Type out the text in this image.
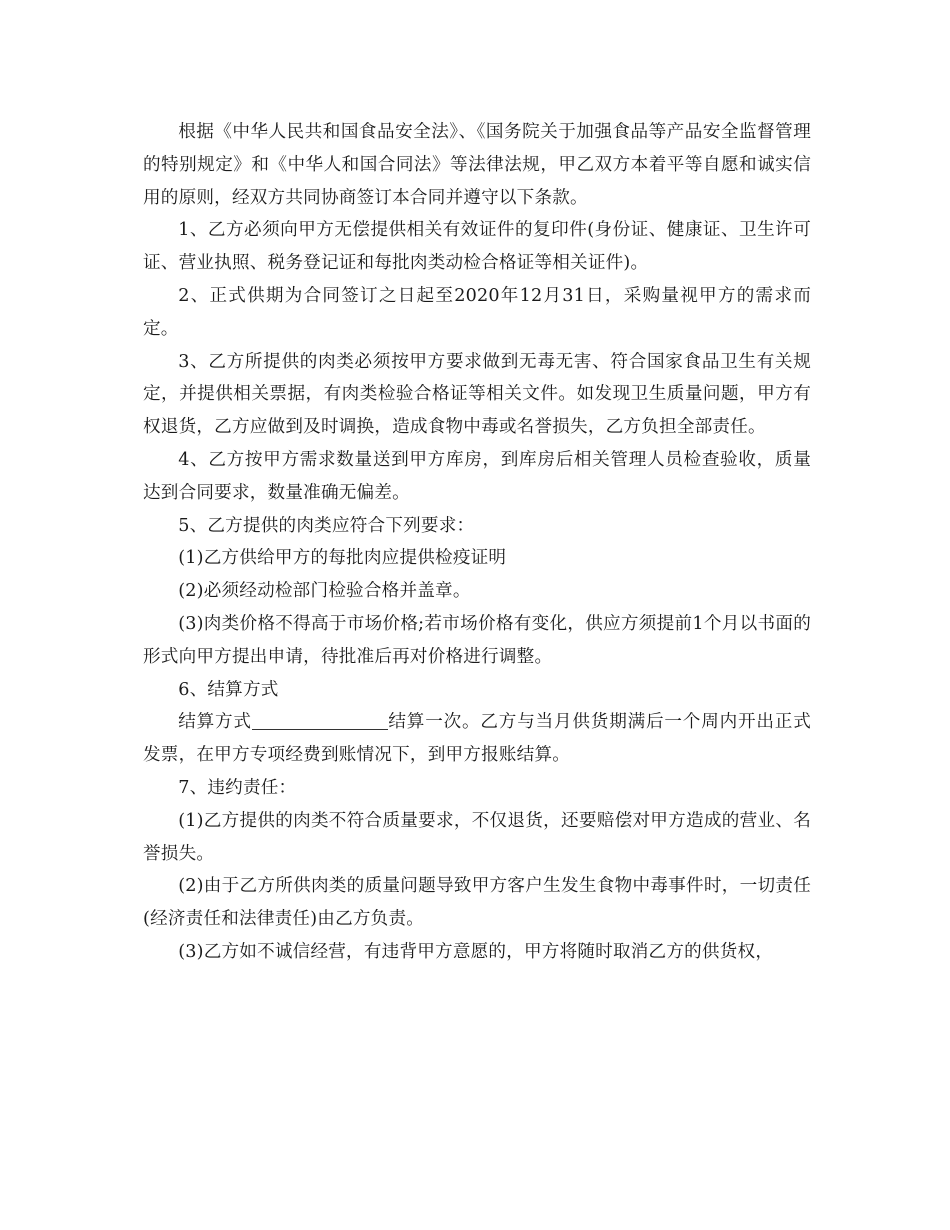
根据《中华人民共和国食品安全法》、《国务院关于加强食品等产品安全监督管理的特别规定》和《中华人和国合同法》等法律法规，甲乙双方本着平等自愿和诚实信用的原则，经双方共同协商签订本合同并遵守以下条款。

1、乙方必须向甲方无偿提供相关有效证件的复印件(身份证、健康证、卫生许可证、营业执照、税务登记证和每批肉类动检合格证等相关证件)。

2、正式供期为合同签订之日起至2020年12月31日，采购量视甲方的需求而定。

3、乙方所提供的肉类必须按甲方要求做到无毒无害、符合国家食品卫生有关规定，并提供相关票据，有肉类检验合格证等相关文件。如发现卫生质量问题，甲方有权退货，乙方应做到及时调换，造成食物中毒或名誉损失，乙方负担全部责任。

4、乙方按甲方需求数量送到甲方库房，到库房后相关管理人员检查验收，质量达到合同要求，数量准确无偏差。

5、乙方提供的肉类应符合下列要求：

(1)乙方供给甲方的每批肉应提供检疫证明

(2)必须经动检部门检验合格并盖章。

(3)肉类价格不得高于市场价格;若市场价格有变化，供应方须提前1个月以书面的形式向甲方提出申请，待批准后再对价格进行调整。

6、结算方式

结算方式	结算一次。乙方与当月供货期满后一个周内开出正式发票，在甲方专项经费到账情况下，到甲方报账结算。

7、违约责任：

(1)乙方提供的肉类不符合质量要求，不仅退货，还要赔偿对甲方造成的营业、名誉损失。

(2)由于乙方所供肉类的质量问题导致甲方客户生发生食物中毒事件时，一切责任(经济责任和法律责任)由乙方负责。

(3)乙方如不诚信经营，有违背甲方意愿的，甲方将随时取消乙方的供货权，
